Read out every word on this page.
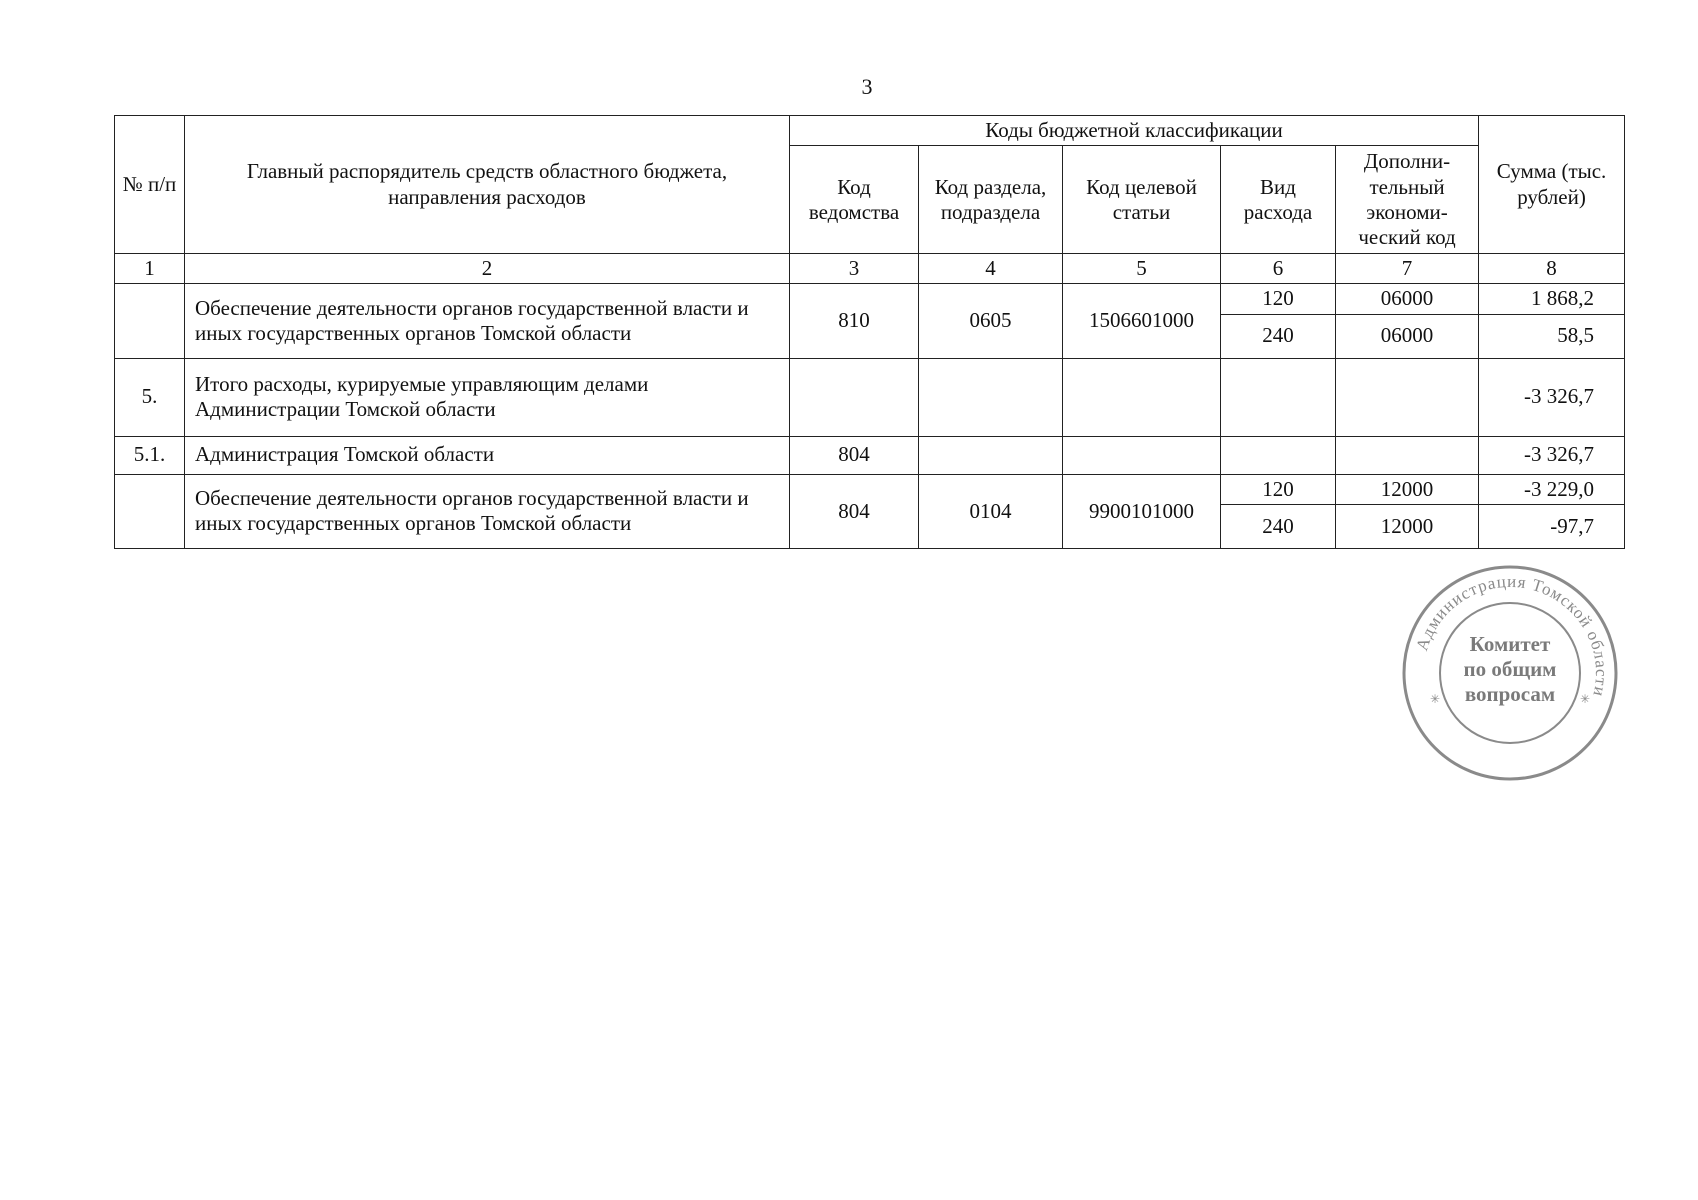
3
№ п/п	Главный распорядитель средств областного бюджета, направления расходов	Коды бюджетной классификации					Сумма (тыс. рублей)
		Код ведомства	Код раздела, подраздела	Код целевой статьи	Вид расхода	Дополни-тельный экономи-ческий код	
1	2	3	4	5	6	7	8
	Обеспечение деятельности органов государственной власти и иных государственных органов Томской области	810	0605	1506601000	120	06000	1 868,2
					240	06000	58,5
5.	Итого расходы, курируемые управляющим делами Администрации Томской области						-3 326,7
5.1.	Администрация Томской области	804					-3 326,7
	Обеспечение деятельности органов государственной власти и иных государственных органов Томской области	804	0104	9900101000	120	12000	-3 229,0
					240	12000	-97,7
Администрация Томской области
✳	✳
Комитет
по общим
вопросам
